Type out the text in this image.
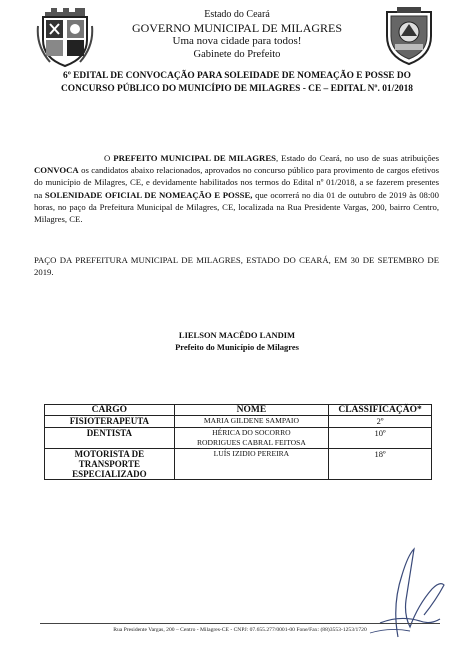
Estado do Ceará
GOVERNO MUNICIPAL DE MILAGRES
Uma nova cidade para todos!
Gabinete do Prefeito
6º EDITAL DE CONVOCAÇÃO PARA SOLEIDADE DE NOMEAÇÃO E POSSE DO
CONCURSO PÚBLICO DO MUNICÍPIO DE MILAGRES - CE – EDITAL Nº. 01/2018
O PREFEITO MUNICIPAL DE MILAGRES, Estado do Ceará, no uso de suas atribuições CONVOCA os candidatos abaixo relacionados, aprovados no concurso público para provimento de cargos efetivos do município de Milagres, CE, e devidamente habilitados nos termos do Edital nº 01/2018, a se fazerem presentes na SOLENIDADE OFICIAL DE NOMEAÇÃO E POSSE, que ocorrerá no dia 01 de outubro de 2019 às 08:00 horas, no paço da Prefeitura Municipal de Milagres, CE, localizada na Rua Presidente Vargas, 200, bairro Centro, Milagres, CE.
PAÇO DA PREFEITURA MUNICIPAL DE MILAGRES, ESTADO DO CEARÁ, EM 30 DE SETEMBRO DE 2019.
LIELSON MACÊDO LANDIM
Prefeito do Município de Milagres
CARGO	NOME	CLASSIFICAÇÃO*
FISIOTERAPEUTA	MARIA GILDENE SAMPAIO	2º
DENTISTA	HÉRICA DO SOCORRO RODRIGUES CABRAL FEITOSA	10º
MOTORISTA DE TRANSPORTE ESPECIALIZADO	LUÍS IZIDIO PEREIRA	18º
Rua Presidente Vargas, 200 – Centro - Milagres-CE - CNPJ: 07.655.277/0001-00 Fone/Fax: (88)3553-1253/1720
